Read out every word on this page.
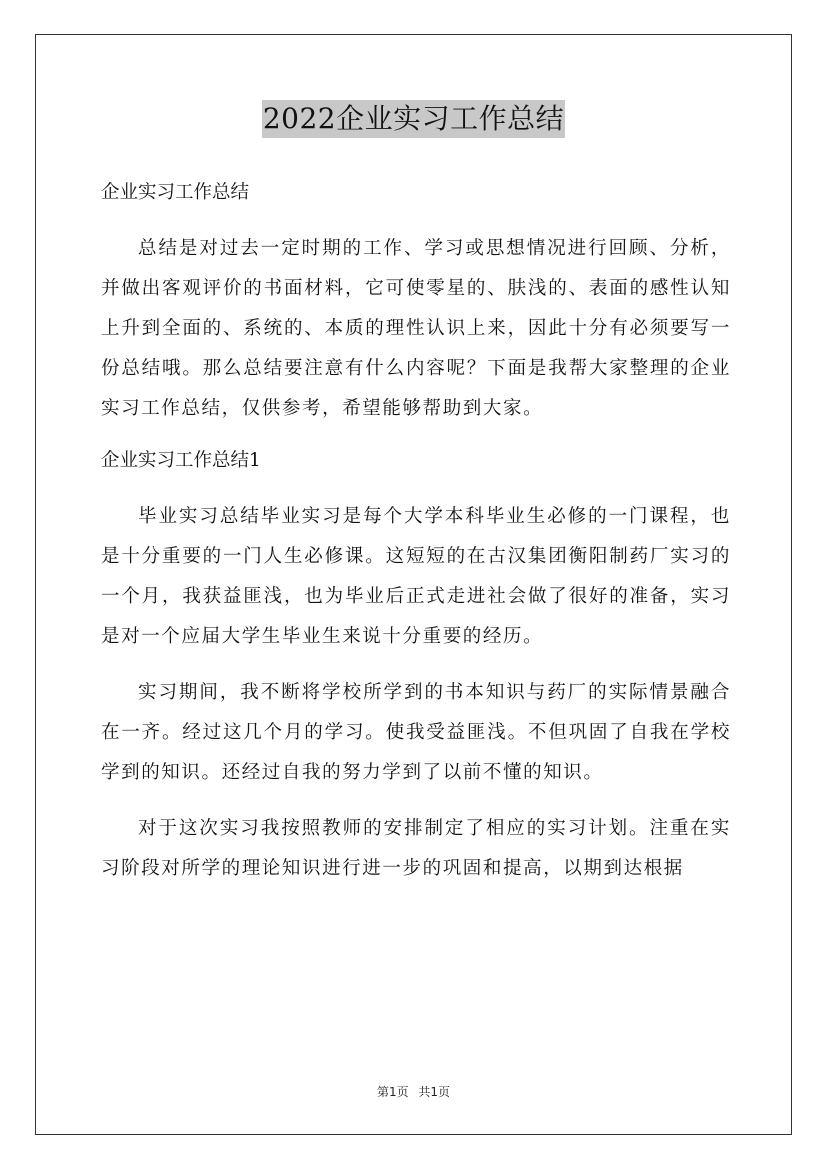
2022企业实习工作总结

企业实习工作总结

总结是对过去一定时期的工作、学习或思想情况进行回顾、分析，并做出客观评价的书面材料，它可使零星的、肤浅的、表面的感性认知上升到全面的、系统的、本质的理性认识上来，因此十分有必须要写一份总结哦。那么总结要注意有什么内容呢？下面是我帮大家整理的企业实习工作总结，仅供参考，希望能够帮助到大家。

企业实习工作总结1

毕业实习总结毕业实习是每个大学本科毕业生必修的一门课程，也是十分重要的一门人生必修课。这短短的在古汉集团衡阳制药厂实习的一个月，我获益匪浅，也为毕业后正式走进社会做了很好的准备，实习是对一个应届大学生毕业生来说十分重要的经历。

实习期间，我不断将学校所学到的书本知识与药厂的实际情景融合在一齐。经过这几个月的学习。使我受益匪浅。不但巩固了自我在学校学到的知识。还经过自我的努力学到了以前不懂的知识。

对于这次实习我按照教师的安排制定了相应的实习计划。注重在实习阶段对所学的理论知识进行进一步的巩固和提高，以期到达根据

第1页 共1页
